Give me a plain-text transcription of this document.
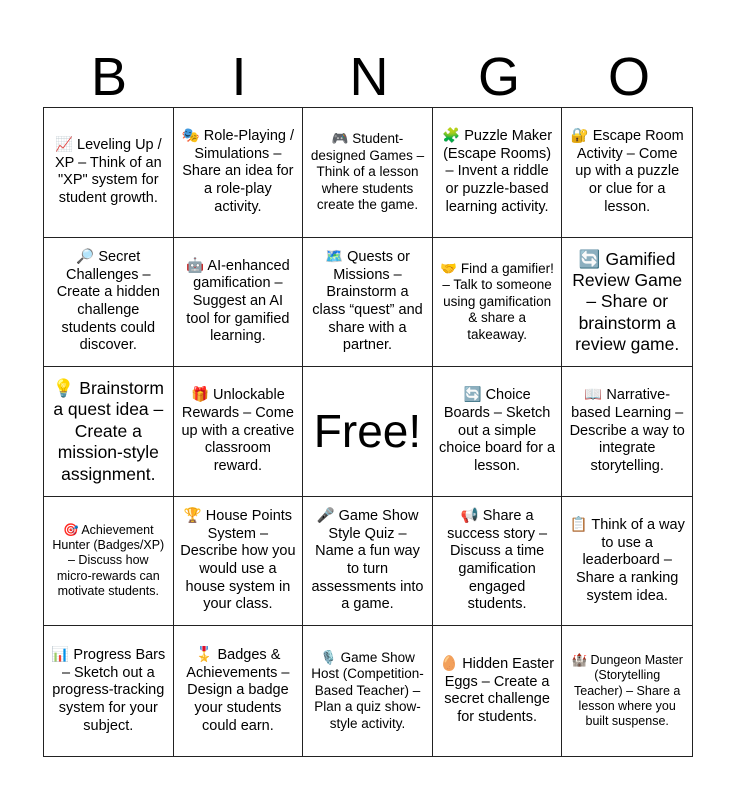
B	I	N	G	O
📈 Leveling Up / XP – Think of an "XP" system for student growth.
🎭 Role-Playing / Simulations – Share an idea for a role-play activity.
🎮 Student-designed Games – Think of a lesson where students create the game.
🧩 Puzzle Maker (Escape Rooms) – Invent a riddle or puzzle-based learning activity.
🔐 Escape Room Activity – Come up with a puzzle or clue for a lesson.
🔎 Secret Challenges – Create a hidden challenge students could discover.
🤖 AI-enhanced gamification – Suggest an AI tool for gamified learning.
🗺️ Quests or Missions – Brainstorm a class “quest” and share with a partner.
🤝 Find a gamifier! – Talk to someone using gamification & share a takeaway.
🔄 Gamified Review Game – Share or brainstorm a review game.
💡 Brainstorm a quest idea – Create a mission-style assignment.
🎁 Unlockable Rewards – Come up with a creative classroom reward.
Free!
🔄 Choice Boards – Sketch out a simple choice board for a lesson.
📖 Narrative-based Learning – Describe a way to integrate storytelling.
🎯 Achievement Hunter (Badges/XP) – Discuss how micro-rewards can motivate students.
🏆 House Points System – Describe how you would use a house system in your class.
🎤 Game Show Style Quiz – Name a fun way to turn assessments into a game.
📢 Share a success story – Discuss a time gamification engaged students.
📋 Think of a way to use a leaderboard – Share a ranking system idea.
📊 Progress Bars – Sketch out a progress-tracking system for your subject.
🎖️ Badges & Achievements – Design a badge your students could earn.
🎙️ Game Show Host (Competition-Based Teacher) – Plan a quiz show-style activity.
🥚 Hidden Easter Eggs – Create a secret challenge for students.
🏰 Dungeon Master (Storytelling Teacher) – Share a lesson where you built suspense.
